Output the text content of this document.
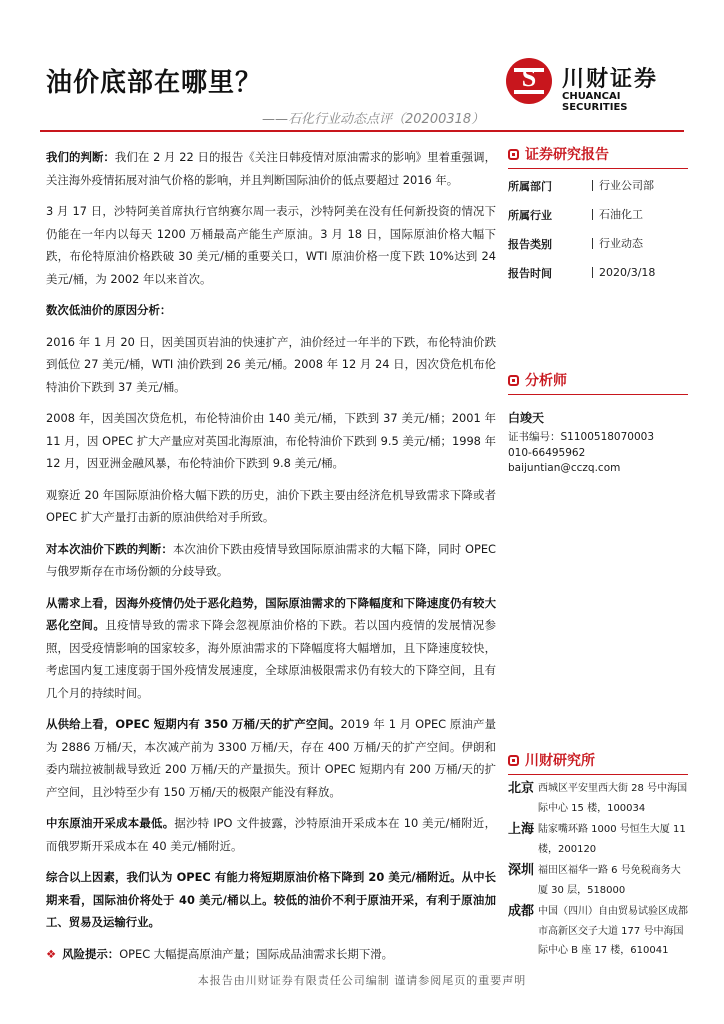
油价底部在哪里？
——石化行业动态点评（20200318）
S	川财证券
CHUANCAI SECURITIES

我们的判断：我们在 2 月 22 日的报告《关注日韩疫情对原油需求的影响》里着重强调，关注海外疫情拓展对油气价格的影响，并且判断国际油价的低点要超过 2016 年。

3 月 17 日，沙特阿美首席执行官纳赛尔周一表示，沙特阿美在没有任何新投资的情况下仍能在一年内以每天 1200 万桶最高产能生产原油。3 月 18 日，国际原油价格大幅下跌，布伦特原油价格跌破 30 美元/桶的重要关口，WTI 原油价格一度下跌 10%达到 24 美元/桶，为 2002 年以来首次。

数次低油价的原因分析：

2016 年 1 月 20 日，因美国页岩油的快速扩产，油价经过一年半的下跌，布伦特油价跌到低位 27 美元/桶，WTI 油价跌到 26 美元/桶。2008 年 12 月 24 日，因次贷危机布伦特油价下跌到 37 美元/桶。

2008 年，因美国次贷危机，布伦特油价由 140 美元/桶，下跌到 37 美元/桶；2001 年 11 月，因 OPEC 扩大产量应对英国北海原油，布伦特油价下跌到 9.5 美元/桶；1998 年 12 月，因亚洲金融风暴，布伦特油价下跌到 9.8 美元/桶。

观察近 20 年国际原油价格大幅下跌的历史，油价下跌主要由经济危机导致需求下降或者 OPEC 扩大产量打击新的原油供给对手所致。

对本次油价下跌的判断：本次油价下跌由疫情导致国际原油需求的大幅下降，同时 OPEC 与俄罗斯存在市场份额的分歧导致。

从需求上看，因海外疫情仍处于恶化趋势，国际原油需求的下降幅度和下降速度仍有较大恶化空间。且疫情导致的需求下降会忽视原油价格的下跌。若以国内疫情的发展情况参照，因受疫情影响的国家较多，海外原油需求的下降幅度将大幅增加，且下降速度较快，考虑国内复工速度弱于国外疫情发展速度，全球原油极限需求仍有较大的下降空间，且有几个月的持续时间。

从供给上看，OPEC 短期内有 350 万桶/天的扩产空间。2019 年 1 月 OPEC 原油产量为 2886 万桶/天，本次减产前为 3300 万桶/天，存在 400 万桶/天的扩产空间。伊朗和委内瑞拉被制裁导致近 200 万桶/天的产量损失。预计 OPEC 短期内有 200 万桶/天的扩产空间，且沙特至少有 150 万桶/天的极限产能没有释放。

中东原油开采成本最低。据沙特 IPO 文件披露，沙特原油开采成本在 10 美元/桶附近，而俄罗斯开采成本在 40 美元/桶附近。

综合以上因素，我们认为 OPEC 有能力将短期原油价格下降到 20 美元/桶附近。从中长期来看，国际油价将处于 40 美元/桶以上。较低的油价不利于原油开采，有利于原油加工、贸易及运输行业。

❖ 风险提示：OPEC 大幅提高原油产量；国际成品油需求长期下滑。

证券研究报告
所属部门	行业公司部
所属行业	石油化工
报告类别	行业动态
报告时间	2020/3/18
分析师
白竣天
证书编号：S1100518070003
010-66495962
baijuntian@cczq.com
川财研究所
北京 西城区平安里西大街 28 号中海国际中心 15 楼，100034
上海 陆家嘴环路 1000 号恒生大厦 11 楼，200120
深圳 福田区福华一路 6 号免税商务大厦 30 层，518000
成都 中国（四川）自由贸易试验区成都市高新区交子大道 177 号中海国际中心 B 座 17 楼，610041
本报告由川财证券有限责任公司编制 谨请参阅尾页的重要声明
